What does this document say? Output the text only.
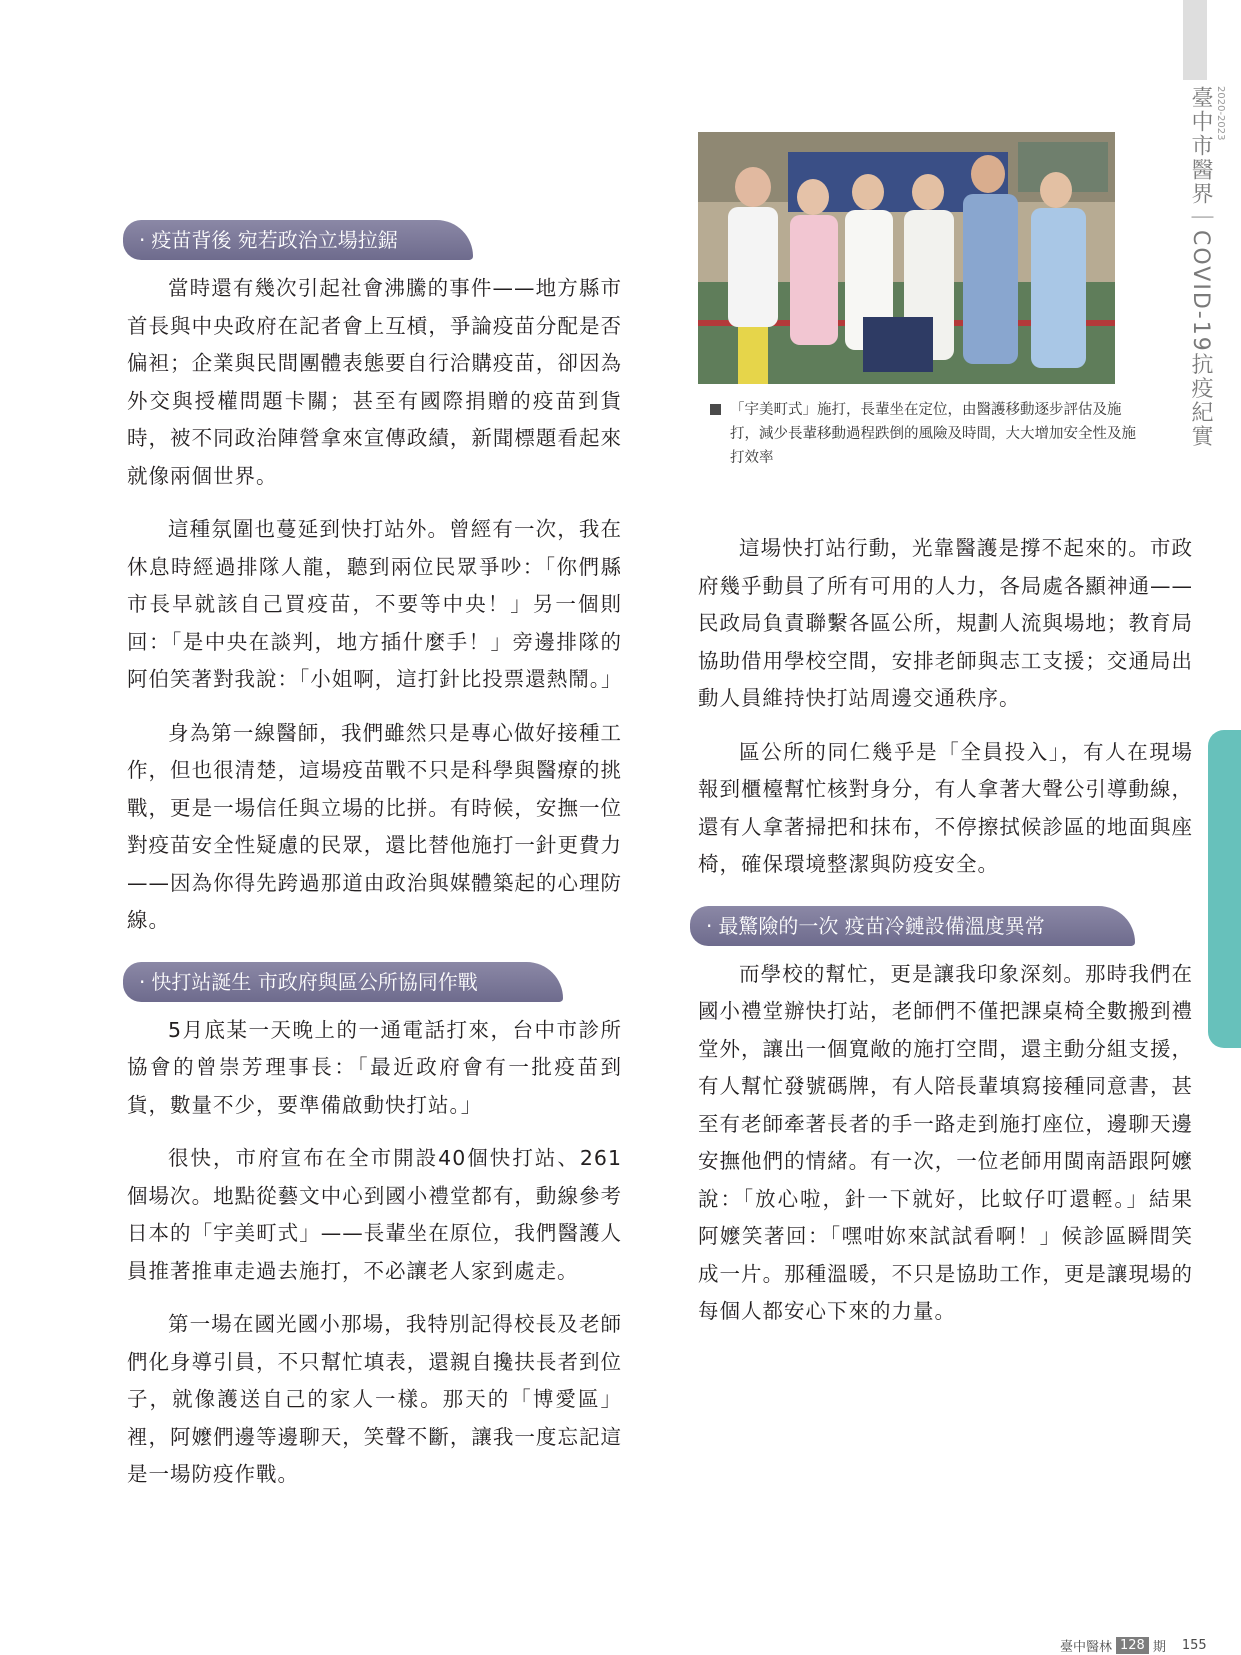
2020-2023
臺中市醫界｜COVID-19抗疫紀實
· 疫苗背後 宛若政治立場拉鋸

當時還有幾次引起社會沸騰的事件——地方縣市首長與中央政府在記者會上互槓，爭論疫苗分配是否偏袒；企業與民間團體表態要自行洽購疫苗，卻因為外交與授權問題卡關；甚至有國際捐贈的疫苗到貨時，被不同政治陣營拿來宣傳政績，新聞標題看起來就像兩個世界。

這種氛圍也蔓延到快打站外。曾經有一次，我在休息時經過排隊人龍，聽到兩位民眾爭吵：「你們縣市長早就該自己買疫苗，不要等中央！」另一個則回：「是中央在談判，地方插什麼手！」旁邊排隊的阿伯笑著對我說：「小姐啊，這打針比投票還熱鬧。」

身為第一線醫師，我們雖然只是專心做好接種工作，但也很清楚，這場疫苗戰不只是科學與醫療的挑戰，更是一場信任與立場的比拼。有時候，安撫一位對疫苗安全性疑慮的民眾，還比替他施打一針更費力——因為你得先跨過那道由政治與媒體築起的心理防線。

· 快打站誕生 市政府與區公所協同作戰

5月底某一天晚上的一通電話打來，台中市診所協會的曾崇芳理事長：「最近政府會有一批疫苗到貨，數量不少，要準備啟動快打站。」

很快，市府宣布在全市開設40個快打站、261個場次。地點從藝文中心到國小禮堂都有，動線參考日本的「宇美町式」——長輩坐在原位，我們醫護人員推著推車走過去施打，不必讓老人家到處走。

第一場在國光國小那場，我特別記得校長及老師們化身導引員，不只幫忙填表，還親自攙扶長者到位子，就像護送自己的家人一樣。那天的「博愛區」裡，阿嬤們邊等邊聊天，笑聲不斷，讓我一度忘記這是一場防疫作戰。

「宇美町式」施打，長輩坐在定位，由醫護移動逐步評估及施打，減少長輩移動過程跌倒的風險及時間，大大增加安全性及施打效率

這場快打站行動，光靠醫護是撐不起來的。市政府幾乎動員了所有可用的人力，各局處各顯神通——民政局負責聯繫各區公所，規劃人流與場地；教育局協助借用學校空間，安排老師與志工支援；交通局出動人員維持快打站周邊交通秩序。

區公所的同仁幾乎是「全員投入」，有人在現場報到櫃檯幫忙核對身分，有人拿著大聲公引導動線，還有人拿著掃把和抹布，不停擦拭候診區的地面與座椅，確保環境整潔與防疫安全。

· 最驚險的一次 疫苗冷鏈設備溫度異常

而學校的幫忙，更是讓我印象深刻。那時我們在國小禮堂辦快打站，老師們不僅把課桌椅全數搬到禮堂外，讓出一個寬敞的施打空間，還主動分組支援，有人幫忙發號碼牌，有人陪長輩填寫接種同意書，甚至有老師牽著長者的手一路走到施打座位，邊聊天邊安撫他們的情緒。有一次，一位老師用閩南語跟阿嬤說：「放心啦，針一下就好，比蚊仔叮還輕。」結果阿嬤笑著回：「嘿咁妳來試試看啊！」候診區瞬間笑成一片。那種溫暖，不只是協助工作，更是讓現場的每個人都安心下來的力量。

臺中醫林 128 期 155
